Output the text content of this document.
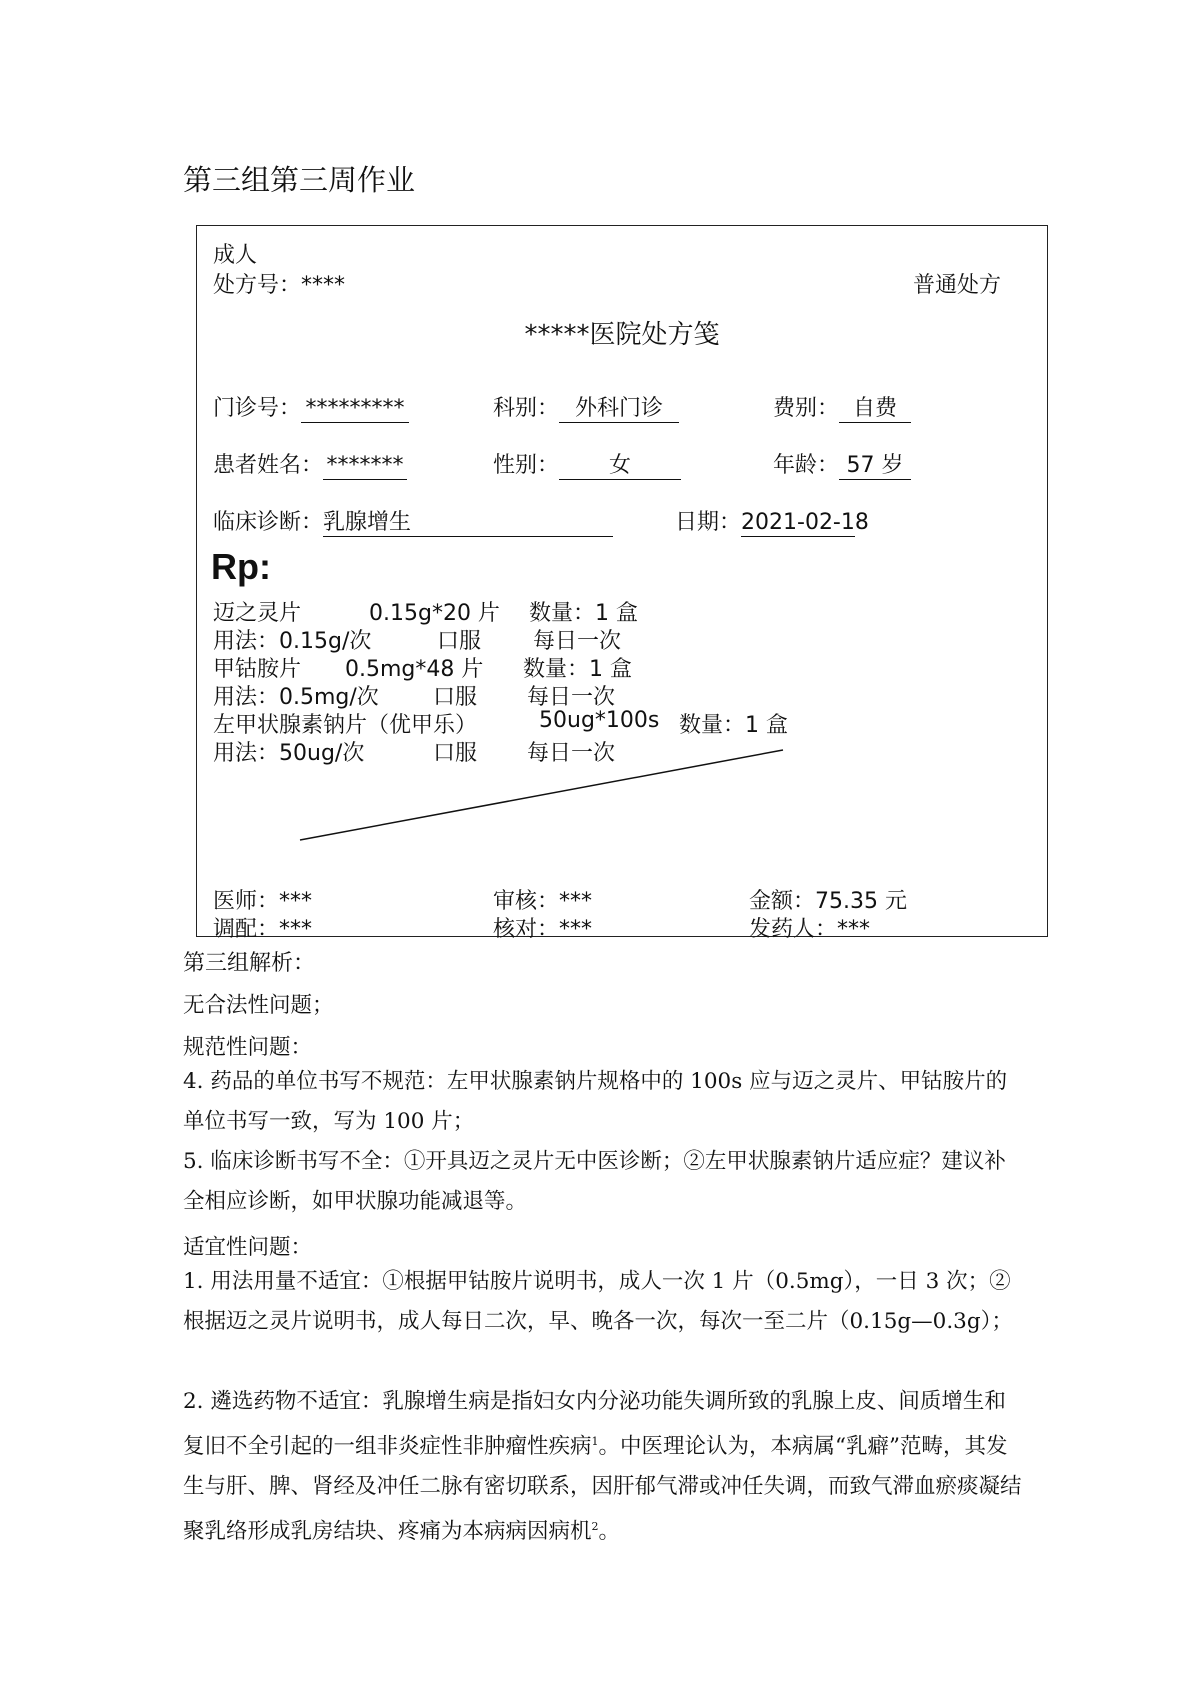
第三组第三周作业
成人
处方号：****	普通处方
*****医院处方笺
门诊号： *********	科别： 外科门诊	费别： 自费
患者姓名： *******	性别： 女	年龄： 57 岁
临床诊断：乳腺增生	日期：2021-02-18
Rp:
迈之灵片	0.15g*20 片 数量：1 盒
用法：0.15g/次	口服 每日一次
甲钴胺片 0.5mg*48 片 数量：1 盒
用法：0.5mg/次 口服 每日一次
左甲状腺素钠片（优甲乐）	50ug*100s 数量：1 盒
用法：50ug/次	口服 每日一次
医师：***	审核：***	金额：75.35 元
调配：***	核对：***	发药人：***
第三组解析：
无合法性问题；
规范性问题：
4. 药品的单位书写不规范：左甲状腺素钠片规格中的 100s 应与迈之灵片、甲钴胺片的单位书写一致，写为 100 片；
5. 临床诊断书写不全：①开具迈之灵片无中医诊断；②左甲状腺素钠片适应症？建议补全相应诊断，如甲状腺功能减退等。
适宜性问题：
1. 用法用量不适宜：①根据甲钴胺片说明书，成人一次 1 片（0.5mg），一日 3 次；②根据迈之灵片说明书，成人每日二次，早、晚各一次，每次一至二片（0.15g—0.3g）；
2. 遴选药物不适宜：乳腺增生病是指妇女内分泌功能失调所致的乳腺上皮、间质增生和复旧不全引起的一组非炎症性非肿瘤性疾病$^1$。中医理论认为，本病属“乳癖”范畴，其发生与肝、脾、肾经及冲任二脉有密切联系，因肝郁气滞或冲任失调，而致气滞血瘀痰凝结聚乳络形成乳房结块、疼痛为本病病因病机$^2$。
